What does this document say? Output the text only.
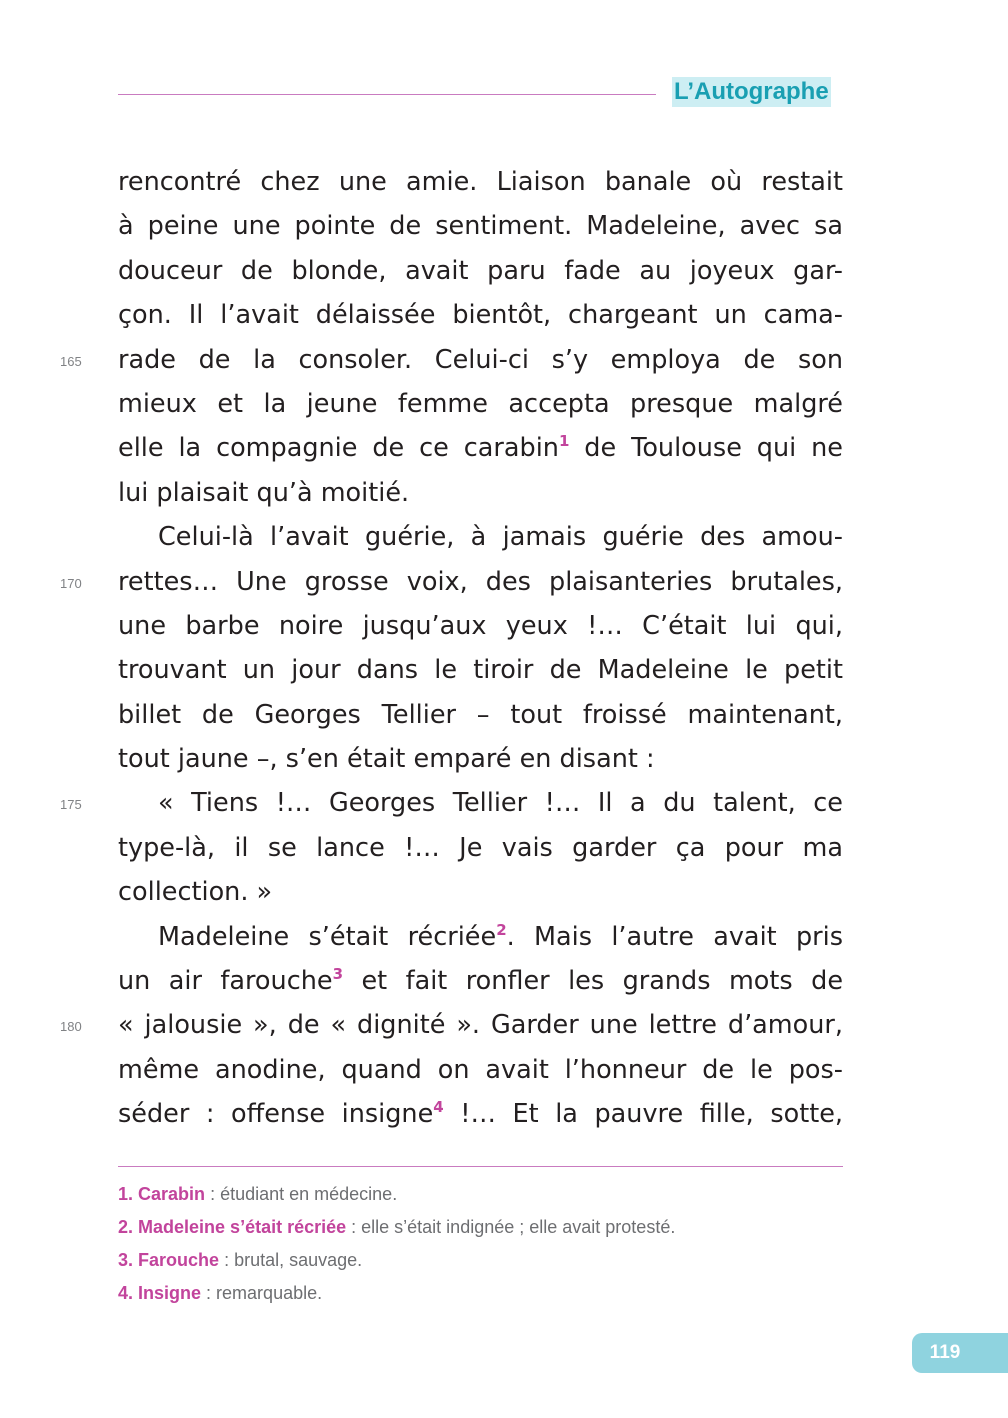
L’Autographe
rencontré chez une amie. Liaison banale où restait
à peine une pointe de sentiment. Madeleine, avec sa
douceur de blonde, avait paru fade au joyeux gar-
çon. Il l’avait délaissée bientôt, chargeant un cama-
165 rade de la consoler. Celui-ci s’y employa de son
mieux et la jeune femme accepta presque malgré
elle la compagnie de ce carabin$^1$ de Toulouse qui ne
lui plaisait qu’à moitié.
Celui-là l’avait guérie, à jamais guérie des amou-
170 rettes… Une grosse voix, des plaisanteries brutales,
une barbe noire jusqu’aux yeux !… C’était lui qui,
trouvant un jour dans le tiroir de Madeleine le petit
billet de Georges Tellier – tout froissé maintenant,
tout jaune –, s’en était emparé en disant :
175	« Tiens !… Georges Tellier !… Il a du talent, ce
type-là, il se lance !… Je vais garder ça pour ma
collection. »
Madeleine s’était récriée$^2$. Mais l’autre avait pris
un air farouche$^3$ et fait ronfler les grands mots de
180 « jalousie », de « dignité ». Garder une lettre d’amour,
même anodine, quand on avait l’honneur de le pos-
séder : offense insigne$^4$ !… Et la pauvre fille, sotte,
1. Carabin : étudiant en médecine.
2. Madeleine s’était récriée : elle s’était indignée ; elle avait protesté.
3. Farouche : brutal, sauvage.
4. Insigne : remarquable.
119
